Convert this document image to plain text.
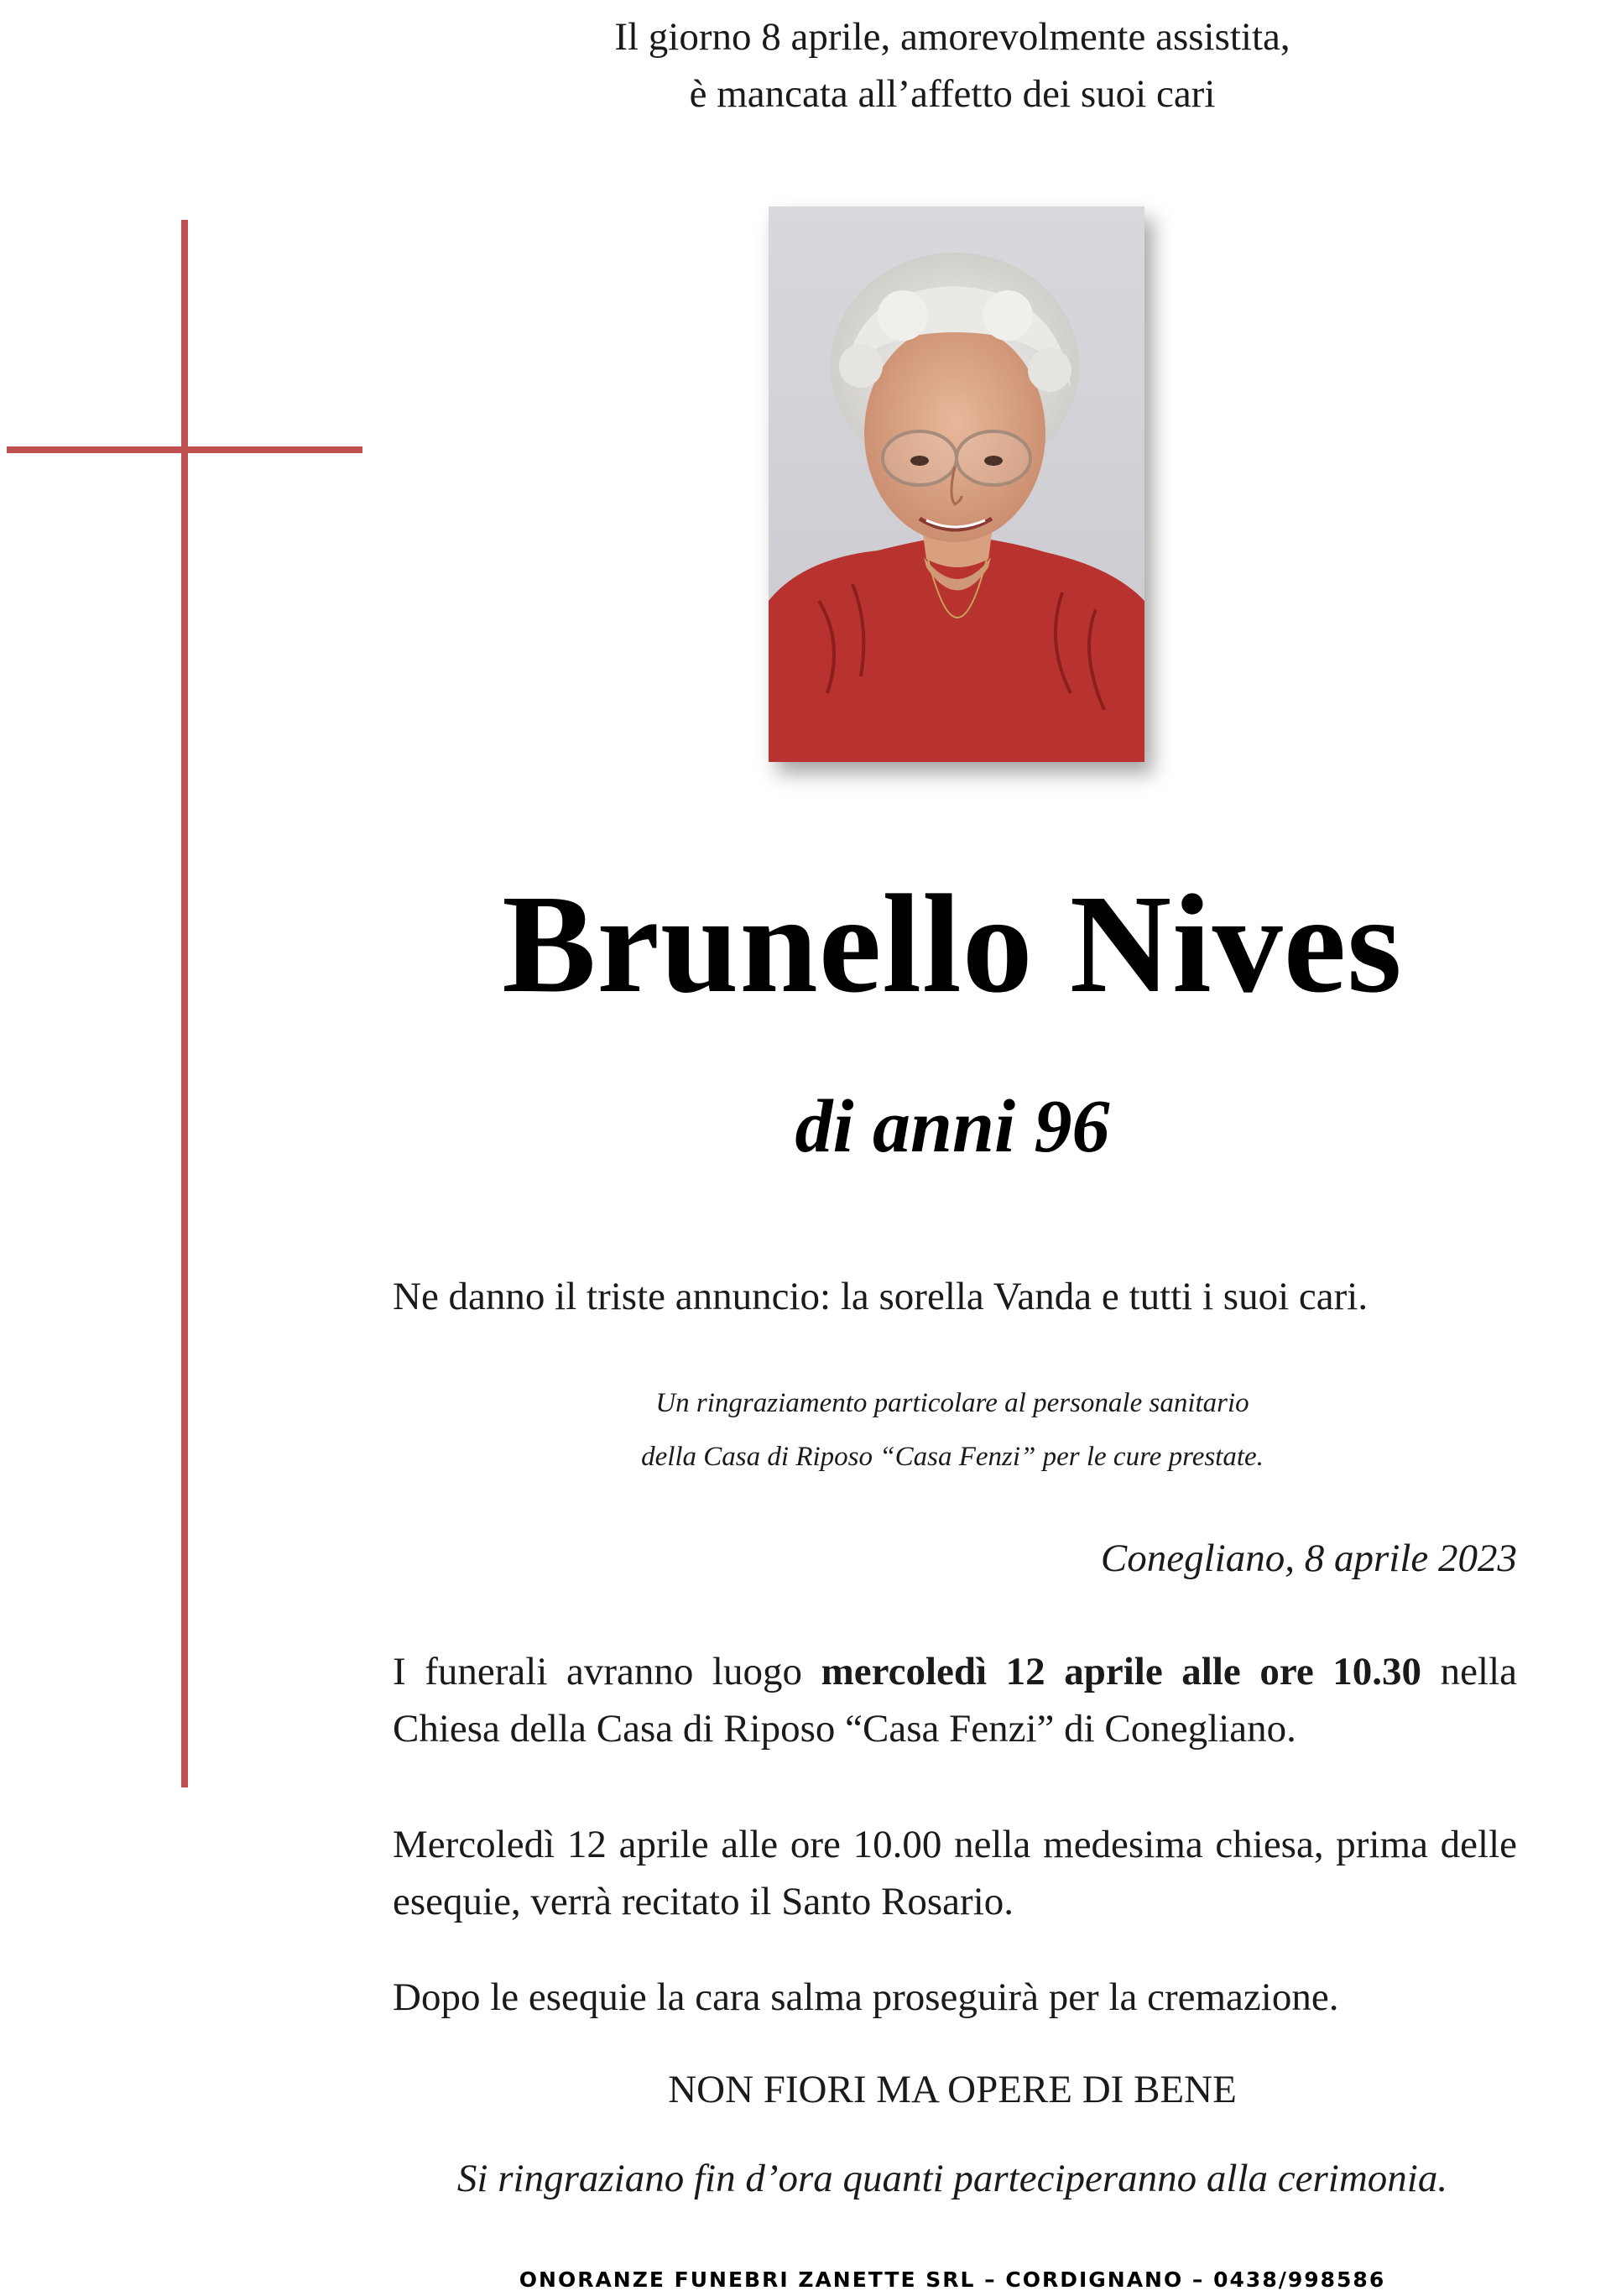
Il giorno 8 aprile, amorevolmente assistita,
è mancata all’affetto dei suoi cari
Brunello Nives
di anni 96
Ne danno il triste annuncio: la sorella Vanda e tutti i suoi cari.
Un ringraziamento particolare al personale sanitario
della Casa di Riposo “Casa Fenzi” per le cure prestate.
Conegliano, 8 aprile 2023
I funerali avranno luogo mercoledì 12 aprile alle ore 10.30 nella Chiesa della Casa di Riposo “Casa Fenzi” di Conegliano.
Mercoledì 12 aprile alle ore 10.00 nella medesima chiesa, prima delle esequie, verrà recitato il Santo Rosario.
Dopo le esequie la cara salma proseguirà per la cremazione.
NON FIORI MA OPERE DI BENE
Si ringraziano fin d’ora quanti parteciperanno alla cerimonia.
ONORANZE FUNEBRI ZANETTE SRL – CORDIGNANO – 0438/998586
